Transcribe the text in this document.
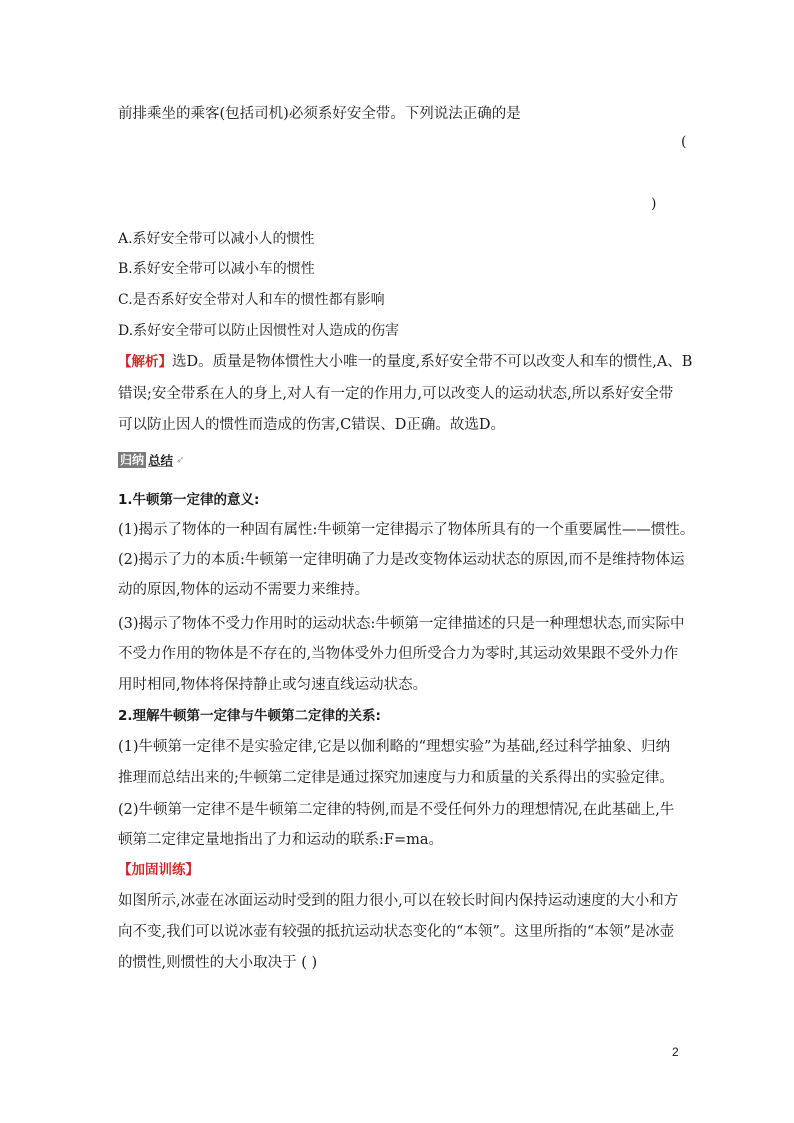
前排乘坐的乘客(包括司机)必须系好安全带。下列说法正确的是
(
)
A.系好安全带可以减小人的惯性
B.系好安全带可以减小车的惯性
C.是否系好安全带对人和车的惯性都有影响
D.系好安全带可以防止因惯性对人造成的伤害
【解析】选D。质量是物体惯性大小唯一的量度,系好安全带不可以改变人和车的惯性,A、B
错误;安全带系在人的身上,对人有一定的作用力,可以改变人的运动状态,所以系好安全带
可以防止因人的惯性而造成的伤害,C错误、D正确。故选D。
归纳 总结 ➶
1.牛顿第一定律的意义:
(1)揭示了物体的一种固有属性:牛顿第一定律揭示了物体所具有的一个重要属性——惯性。
(2)揭示了力的本质:牛顿第一定律明确了力是改变物体运动状态的原因,而不是维持物体运
动的原因,物体的运动不需要力来维持。
(3)揭示了物体不受力作用时的运动状态:牛顿第一定律描述的只是一种理想状态,而实际中
不受力作用的物体是不存在的,当物体受外力但所受合力为零时,其运动效果跟不受外力作
用时相同,物体将保持静止或匀速直线运动状态。
2.理解牛顿第一定律与牛顿第二定律的关系:
(1)牛顿第一定律不是实验定律,它是以伽利略的“理想实验”为基础,经过科学抽象、归纳
推理而总结出来的;牛顿第二定律是通过探究加速度与力和质量的关系得出的实验定律。
(2)牛顿第一定律不是牛顿第二定律的特例,而是不受任何外力的理想情况,在此基础上,牛
顿第二定律定量地指出了力和运动的联系:F=ma。
【加固训练】
如图所示,冰壶在冰面运动时受到的阻力很小,可以在较长时间内保持运动速度的大小和方
向不变,我们可以说冰壶有较强的抵抗运动状态变化的“本领”。这里所指的“本领”是冰壶
的惯性,则惯性的大小取决于 ( )
2
